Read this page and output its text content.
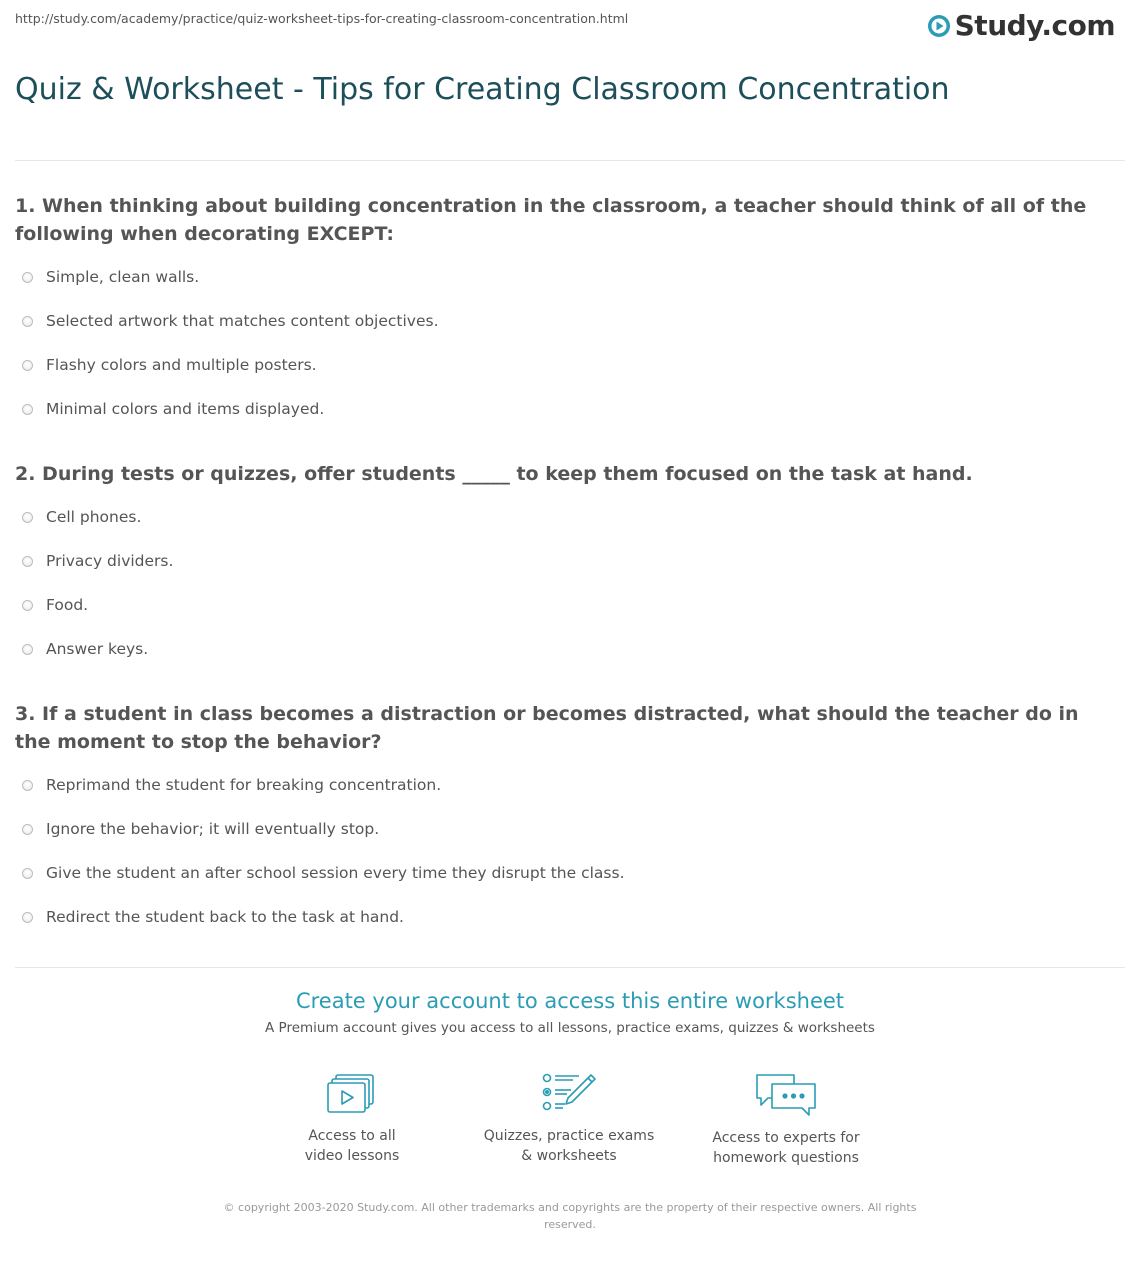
http://study.com/academy/practice/quiz-worksheet-tips-for-creating-classroom-concentration.html	Study.com
Quiz & Worksheet - Tips for Creating Classroom Concentration

1. When thinking about building concentration in the classroom, a teacher should think of all of the following when decorating EXCEPT:

Simple, clean walls.
Selected artwork that matches content objectives.
Flashy colors and multiple posters.
Minimal colors and items displayed.

2. During tests or quizzes, offer students _____ to keep them focused on the task at hand.

Cell phones.
Privacy dividers.
Food.
Answer keys.

3. If a student in class becomes a distraction or becomes distracted, what should the teacher do in the moment to stop the behavior?

Reprimand the student for breaking concentration.
Ignore the behavior; it will eventually stop.
Give the student an after school session every time they disrupt the class.
Redirect the student back to the task at hand.
Create your account to access this entire worksheet
A Premium account gives you access to all lessons, practice exams, quizzes & worksheets
Access to all
video lessons
Quizzes, practice exams
& worksheets
Access to experts for
homework questions
© copyright 2003-2020 Study.com. All other trademarks and copyrights are the property of their respective owners. All rights reserved.
